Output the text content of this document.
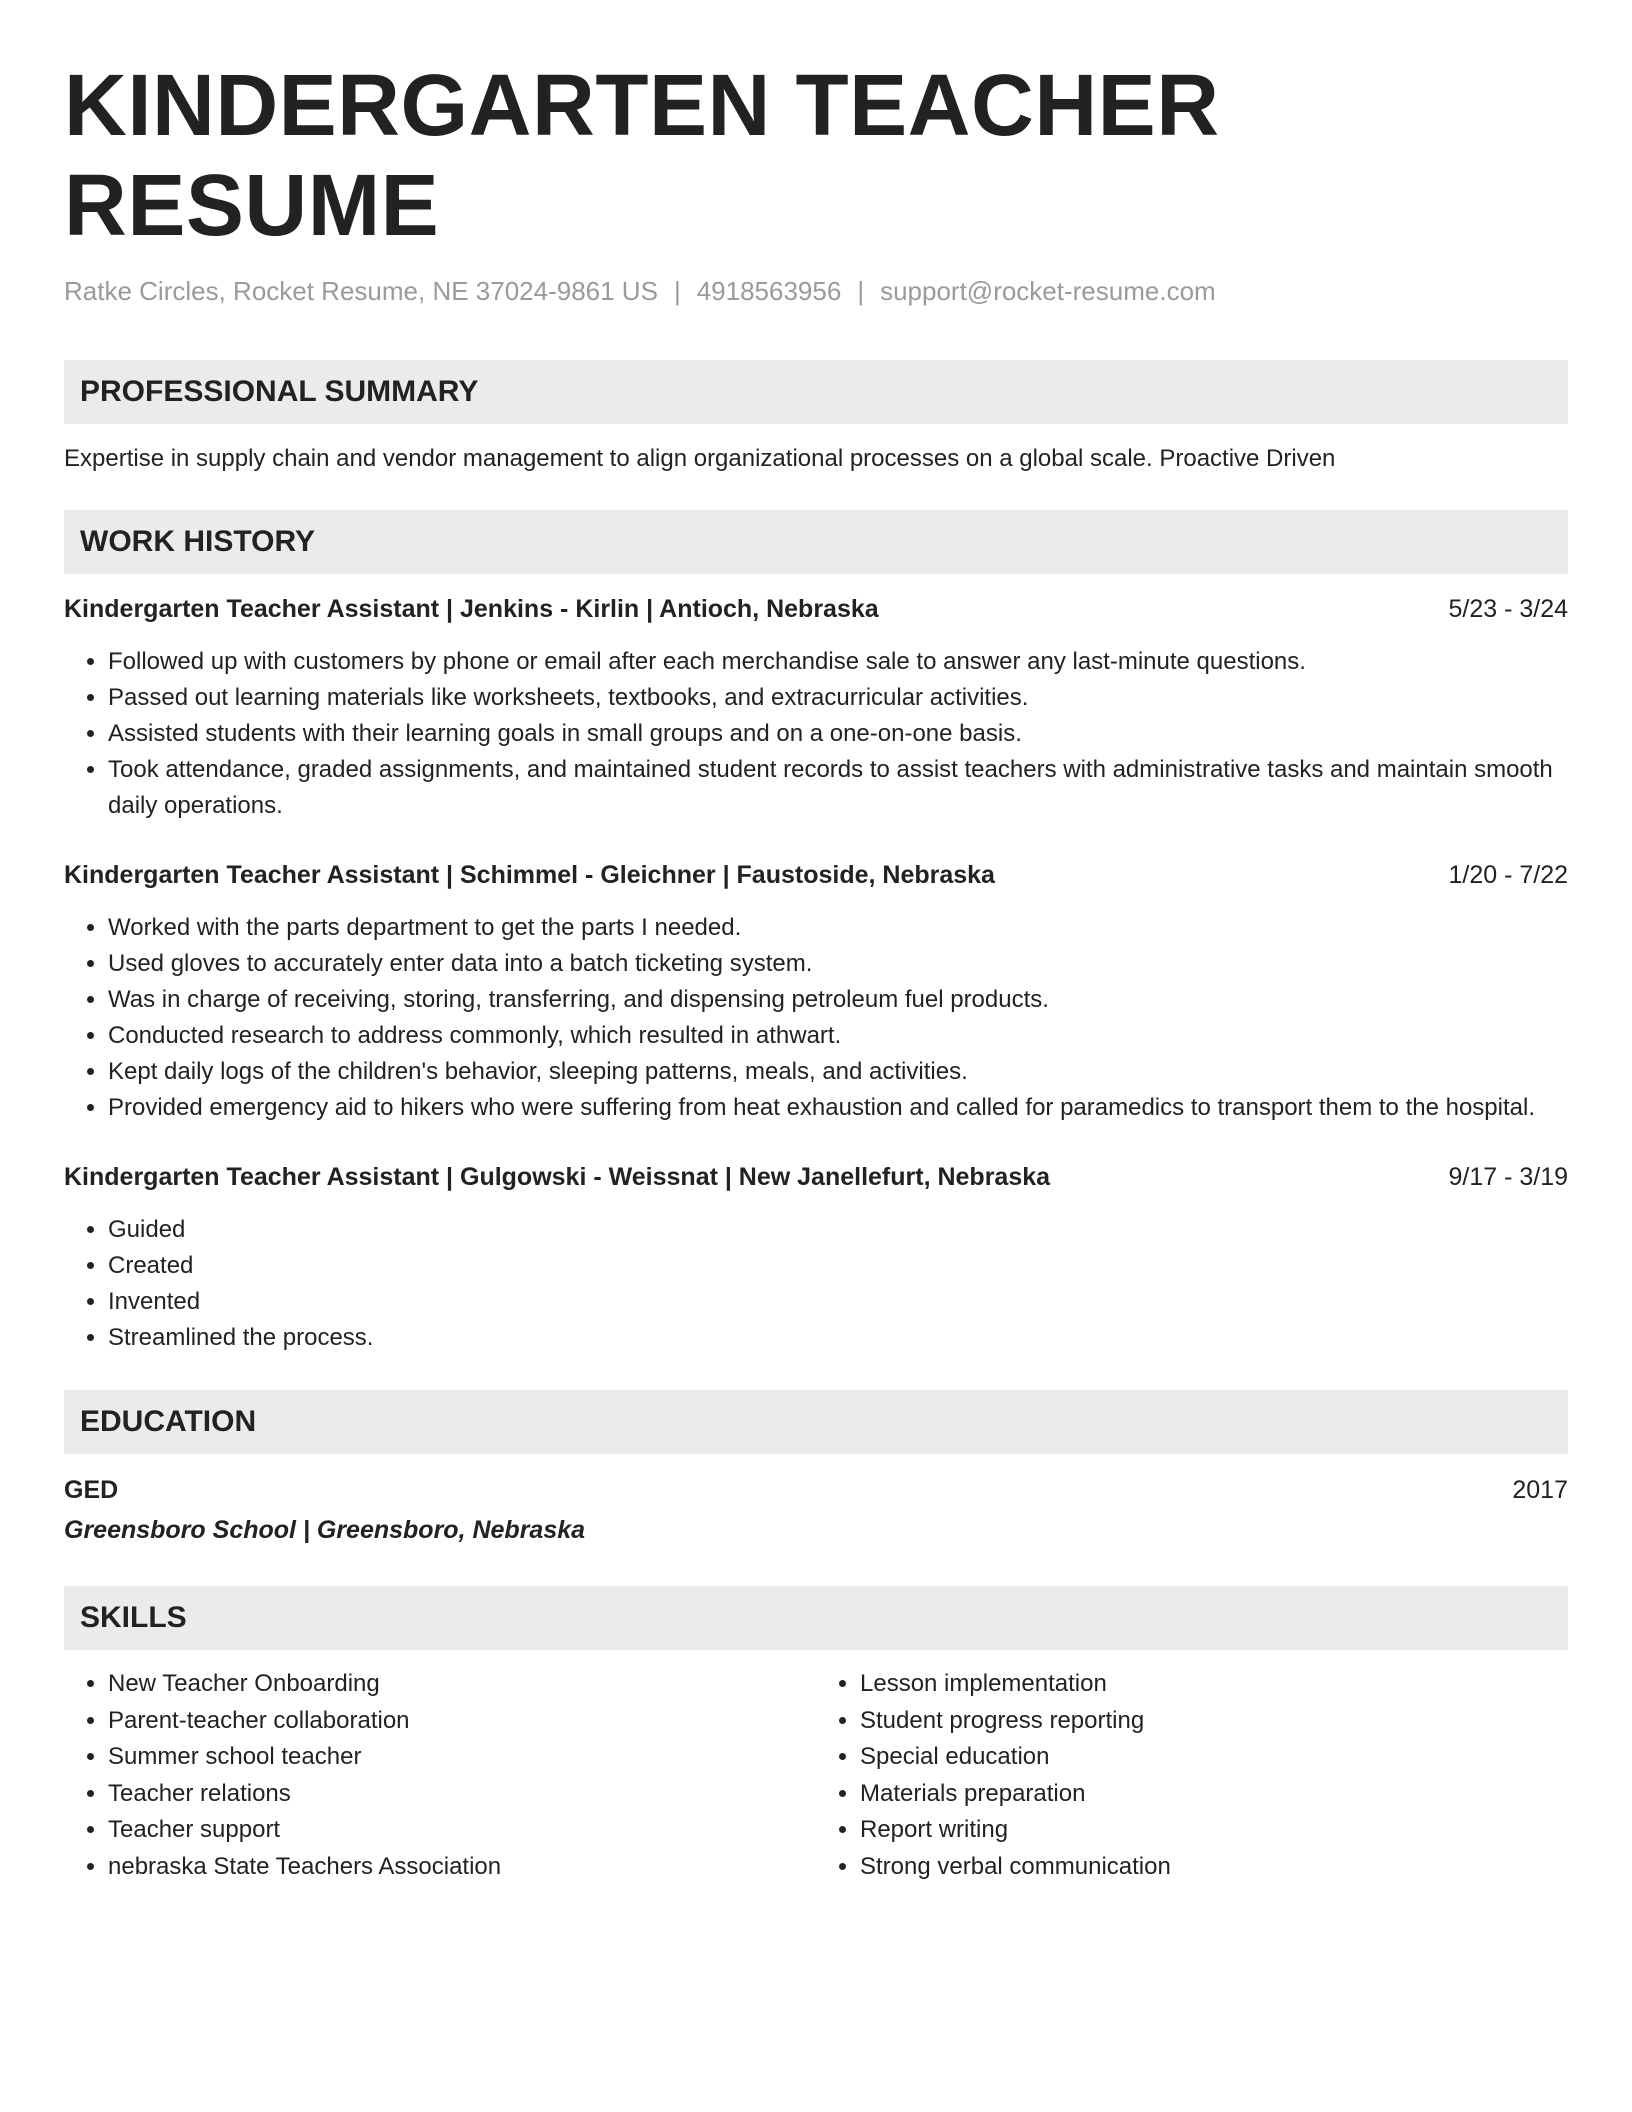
KINDERGARTEN TEACHER RESUME
Ratke Circles, Rocket Resume, NE 37024-9861 US | 4918563956 | support@rocket-resume.com
PROFESSIONAL SUMMARY

Expertise in supply chain and vendor management to align organizational processes on a global scale. Proactive Driven

WORK HISTORY
Kindergarten Teacher Assistant | Jenkins - Kirlin | Antioch, Nebraska	5/23 - 3/24
• Followed up with customers by phone or email after each merchandise sale to answer any last-minute questions.
• Passed out learning materials like worksheets, textbooks, and extracurricular activities.
• Assisted students with their learning goals in small groups and on a one-on-one basis.
• Took attendance, graded assignments, and maintained student records to assist teachers with administrative tasks and maintain smooth daily operations.
Kindergarten Teacher Assistant | Schimmel - Gleichner | Faustoside, Nebraska	1/20 - 7/22
• Worked with the parts department to get the parts I needed.
• Used gloves to accurately enter data into a batch ticketing system.
• Was in charge of receiving, storing, transferring, and dispensing petroleum fuel products.
• Conducted research to address commonly, which resulted in athwart.
• Kept daily logs of the children's behavior, sleeping patterns, meals, and activities.
• Provided emergency aid to hikers who were suffering from heat exhaustion and called for paramedics to transport them to the hospital.
Kindergarten Teacher Assistant | Gulgowski - Weissnat | New Janellefurt, Nebraska	9/17 - 3/19
• Guided
• Created
• Invented
• Streamlined the process.
EDUCATION
GED	2017
Greensboro School | Greensboro, Nebraska
SKILLS
• New Teacher Onboarding
• Parent-teacher collaboration
• Summer school teacher
• Teacher relations
• Teacher support
• nebraska State Teachers Association
• Lesson implementation
• Student progress reporting
• Special education
• Materials preparation
• Report writing
• Strong verbal communication
